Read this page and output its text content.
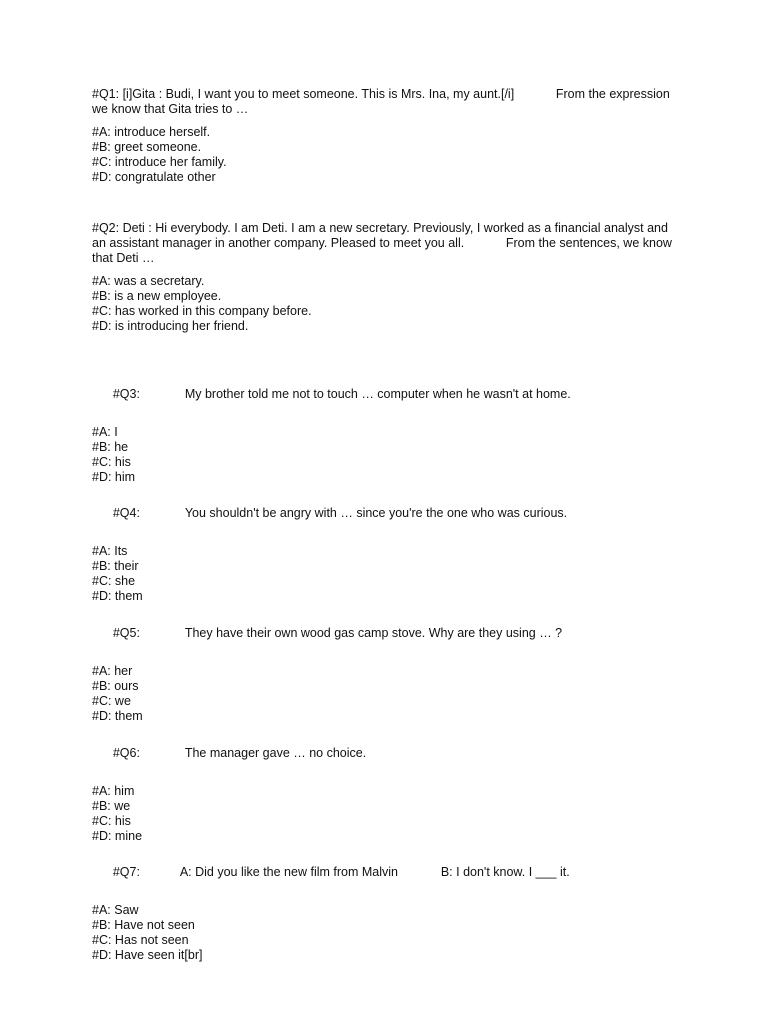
#Q1: [i]Gita : Budi, I want you to meet someone. This is Mrs. Ina, my aunt.[/i]            From the expression we know that Gita tries to …

#A: introduce herself.
#B: greet someone.
#C: introduce her family.
#D: congratulate other

#Q2: Deti : Hi everybody. I am Deti. I am a new secretary. Previously, I worked as a financial analyst and an assistant manager in another company. Pleased to meet you all.            From the sentences, we know that Deti …

#A: was a secretary.
#B: is a new employee.
#C: has worked in this company before.
#D: is introducing her friend.

#Q3:	My brother told me not to touch … computer when he wasn't at home.

#A: I
#B: he
#C: his
#D: him

#Q4:	You shouldn't be angry with … since you're the one who was curious.

#A: Its
#B: their
#C: she
#D: them

#Q5:	They have their own wood gas camp stove. Why are they using … ?

#A: her
#B: ours
#C: we
#D: them

#Q6:	The manager gave … no choice.

#A: him
#B: we
#C: his
#D: mine

#Q7:	A: Did you like the new film from Malvin	B: I don't know. I ___ it.

#A: Saw
#B: Have not seen
#C: Has not seen
#D: Have seen it[br]
